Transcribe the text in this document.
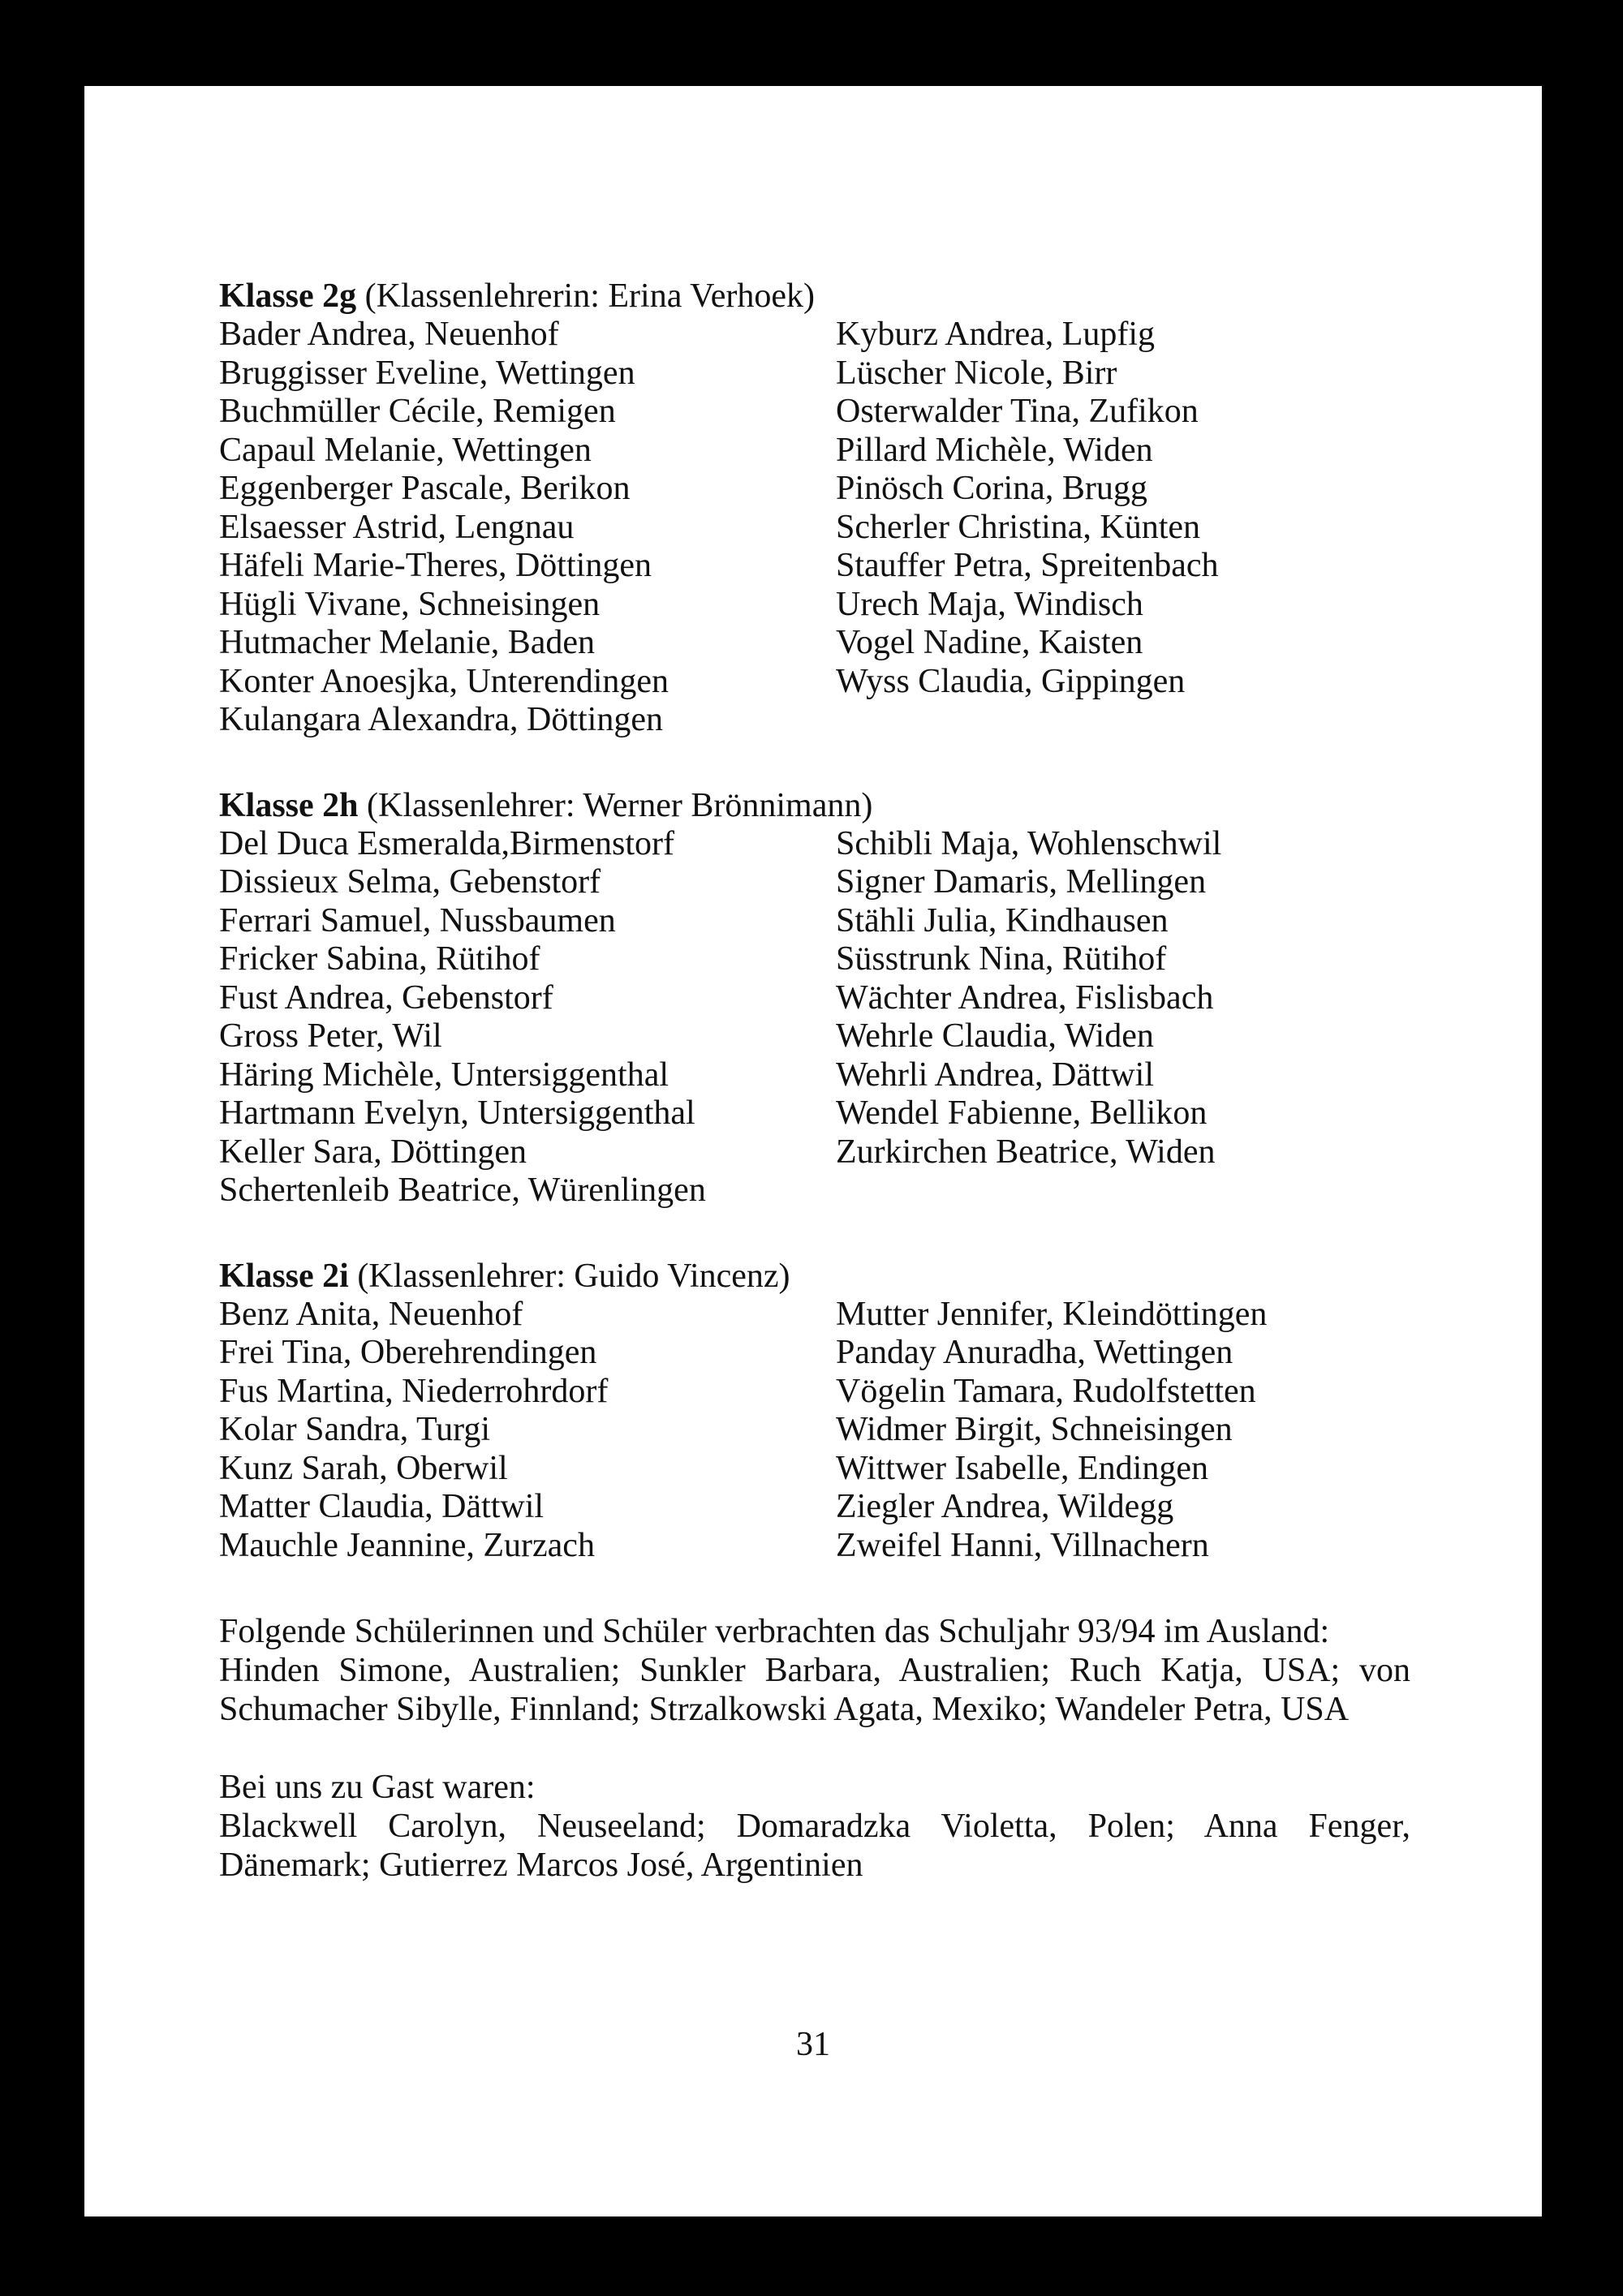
Klasse 2g (Klassenlehrerin: Erina Verhoek)
Bader Andrea, Neuenhof
Bruggisser Eveline, Wettingen
Buchmüller Cécile, Remigen
Capaul Melanie, Wettingen
Eggenberger Pascale, Berikon
Elsaesser Astrid, Lengnau
Häfeli Marie-Theres, Döttingen
Hügli Vivane, Schneisingen
Hutmacher Melanie, Baden
Konter Anoesjka, Unterendingen
Kulangara Alexandra, Döttingen
Kyburz Andrea, Lupfig
Lüscher Nicole, Birr
Osterwalder Tina, Zufikon
Pillard Michèle, Widen
Pinösch Corina, Brugg
Scherler Christina, Künten
Stauffer Petra, Spreitenbach
Urech Maja, Windisch
Vogel Nadine, Kaisten
Wyss Claudia, Gippingen
Klasse 2h (Klassenlehrer: Werner Brönnimann)
Del Duca Esmeralda,Birmenstorf
Dissieux Selma, Gebenstorf
Ferrari Samuel, Nussbaumen
Fricker Sabina, Rütihof
Fust Andrea, Gebenstorf
Gross Peter, Wil
Häring Michèle, Untersiggenthal
Hartmann Evelyn, Untersiggenthal
Keller Sara, Döttingen
Schertenleib Beatrice, Würenlingen
Schibli Maja, Wohlenschwil
Signer Damaris, Mellingen
Stähli Julia, Kindhausen
Süsstrunk Nina, Rütihof
Wächter Andrea, Fislisbach
Wehrle Claudia, Widen
Wehrli Andrea, Dättwil
Wendel Fabienne, Bellikon
Zurkirchen Beatrice, Widen
Klasse 2i (Klassenlehrer: Guido Vincenz)
Benz Anita, Neuenhof
Frei Tina, Oberehrendingen
Fus Martina, Niederrohrdorf
Kolar Sandra, Turgi
Kunz Sarah, Oberwil
Matter Claudia, Dättwil
Mauchle Jeannine, Zurzach
Mutter Jennifer, Kleindöttingen
Panday Anuradha, Wettingen
Vögelin Tamara, Rudolfstetten
Widmer Birgit, Schneisingen
Wittwer Isabelle, Endingen
Ziegler Andrea, Wildegg
Zweifel Hanni, Villnachern
Folgende Schülerinnen und Schüler verbrachten das Schuljahr 93/94 im Ausland:
Hinden Simone, Australien; Sunkler Barbara, Australien; Ruch Katja, USA; von Schumacher Sibylle, Finnland; Strzalkowski Agata, Mexiko; Wandeler Petra, USA
Bei uns zu Gast waren:
Blackwell Carolyn, Neuseeland; Domaradzka Violetta, Polen; Anna Fenger, Dänemark; Gutierrez Marcos José, Argentinien
31
